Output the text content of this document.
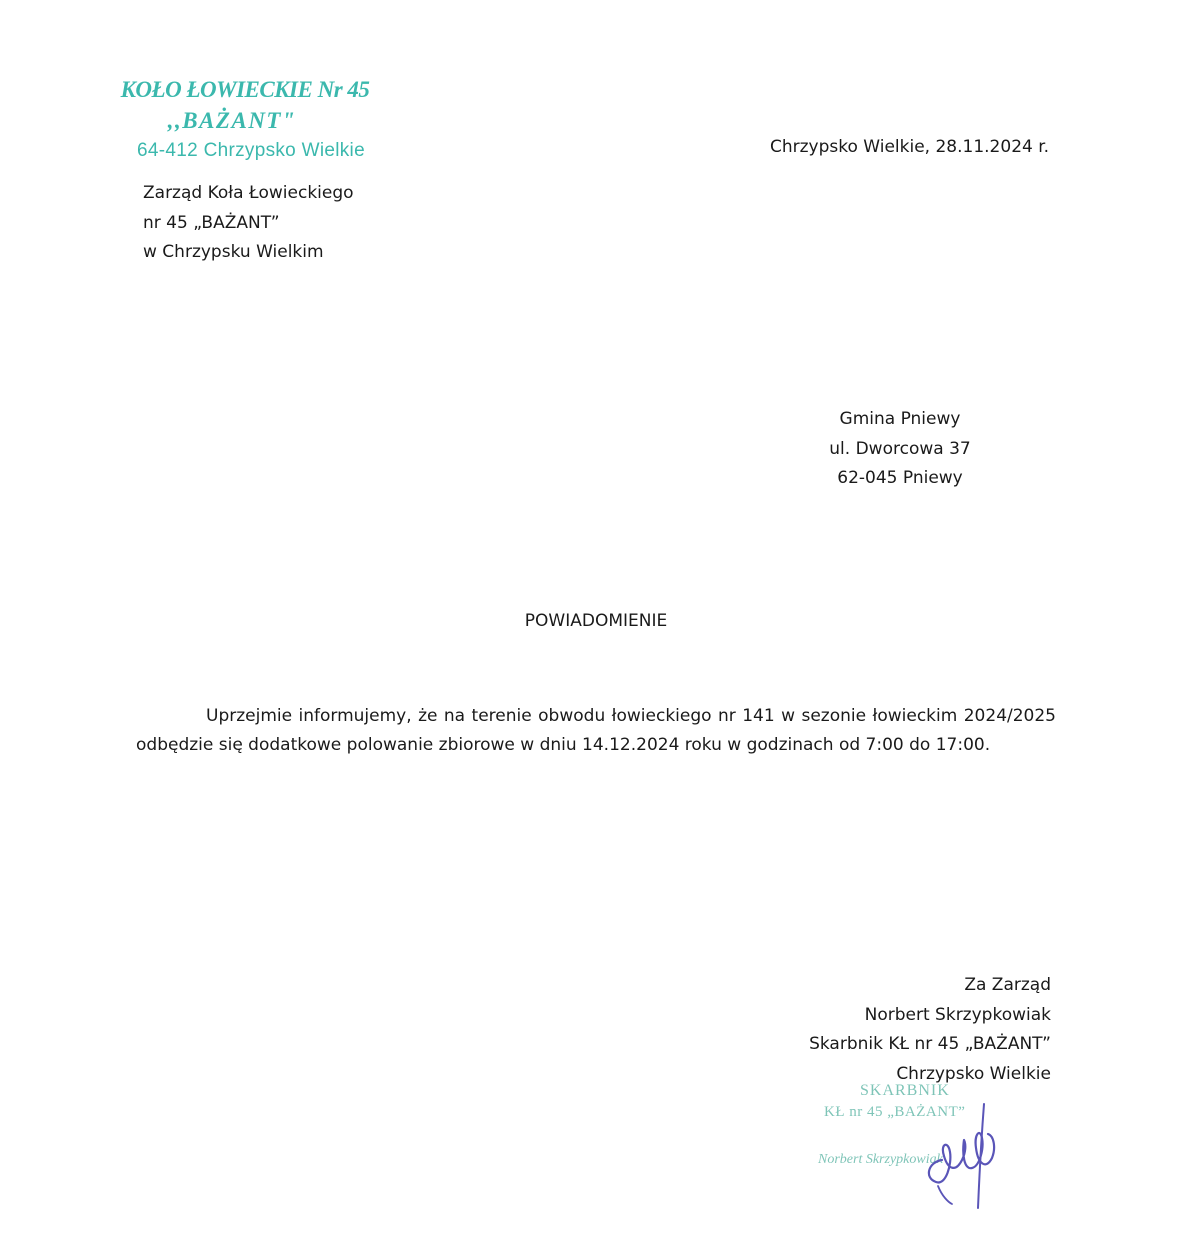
KOŁO ŁOWIECKIE Nr 45
,,BAŻANT"
64-412 Chrzypsko Wielkie
Zarząd Koła Łowieckiego
nr 45 „BAŻANT”
w Chrzypsku Wielkim
Chrzypsko Wielkie, 28.11.2024 r.
Gmina Pniewy
ul. Dworcowa 37
62-045 Pniewy
POWIADOMIENIE

Uprzejmie informujemy, że na terenie obwodu łowieckiego nr 141 w sezonie łowieckim 2024/2025 odbędzie się dodatkowe polowanie zbiorowe w dniu 14.12.2024 roku w godzinach od 7:00 do 17:00.

Za Zarząd
Norbert Skrzypkowiak
Skarbnik KŁ nr 45 „BAŻANT”
Chrzypsko Wielkie
SKARBNIK
KŁ nr 45 „BAŻANT”
Norbert Skrzypkowiak
